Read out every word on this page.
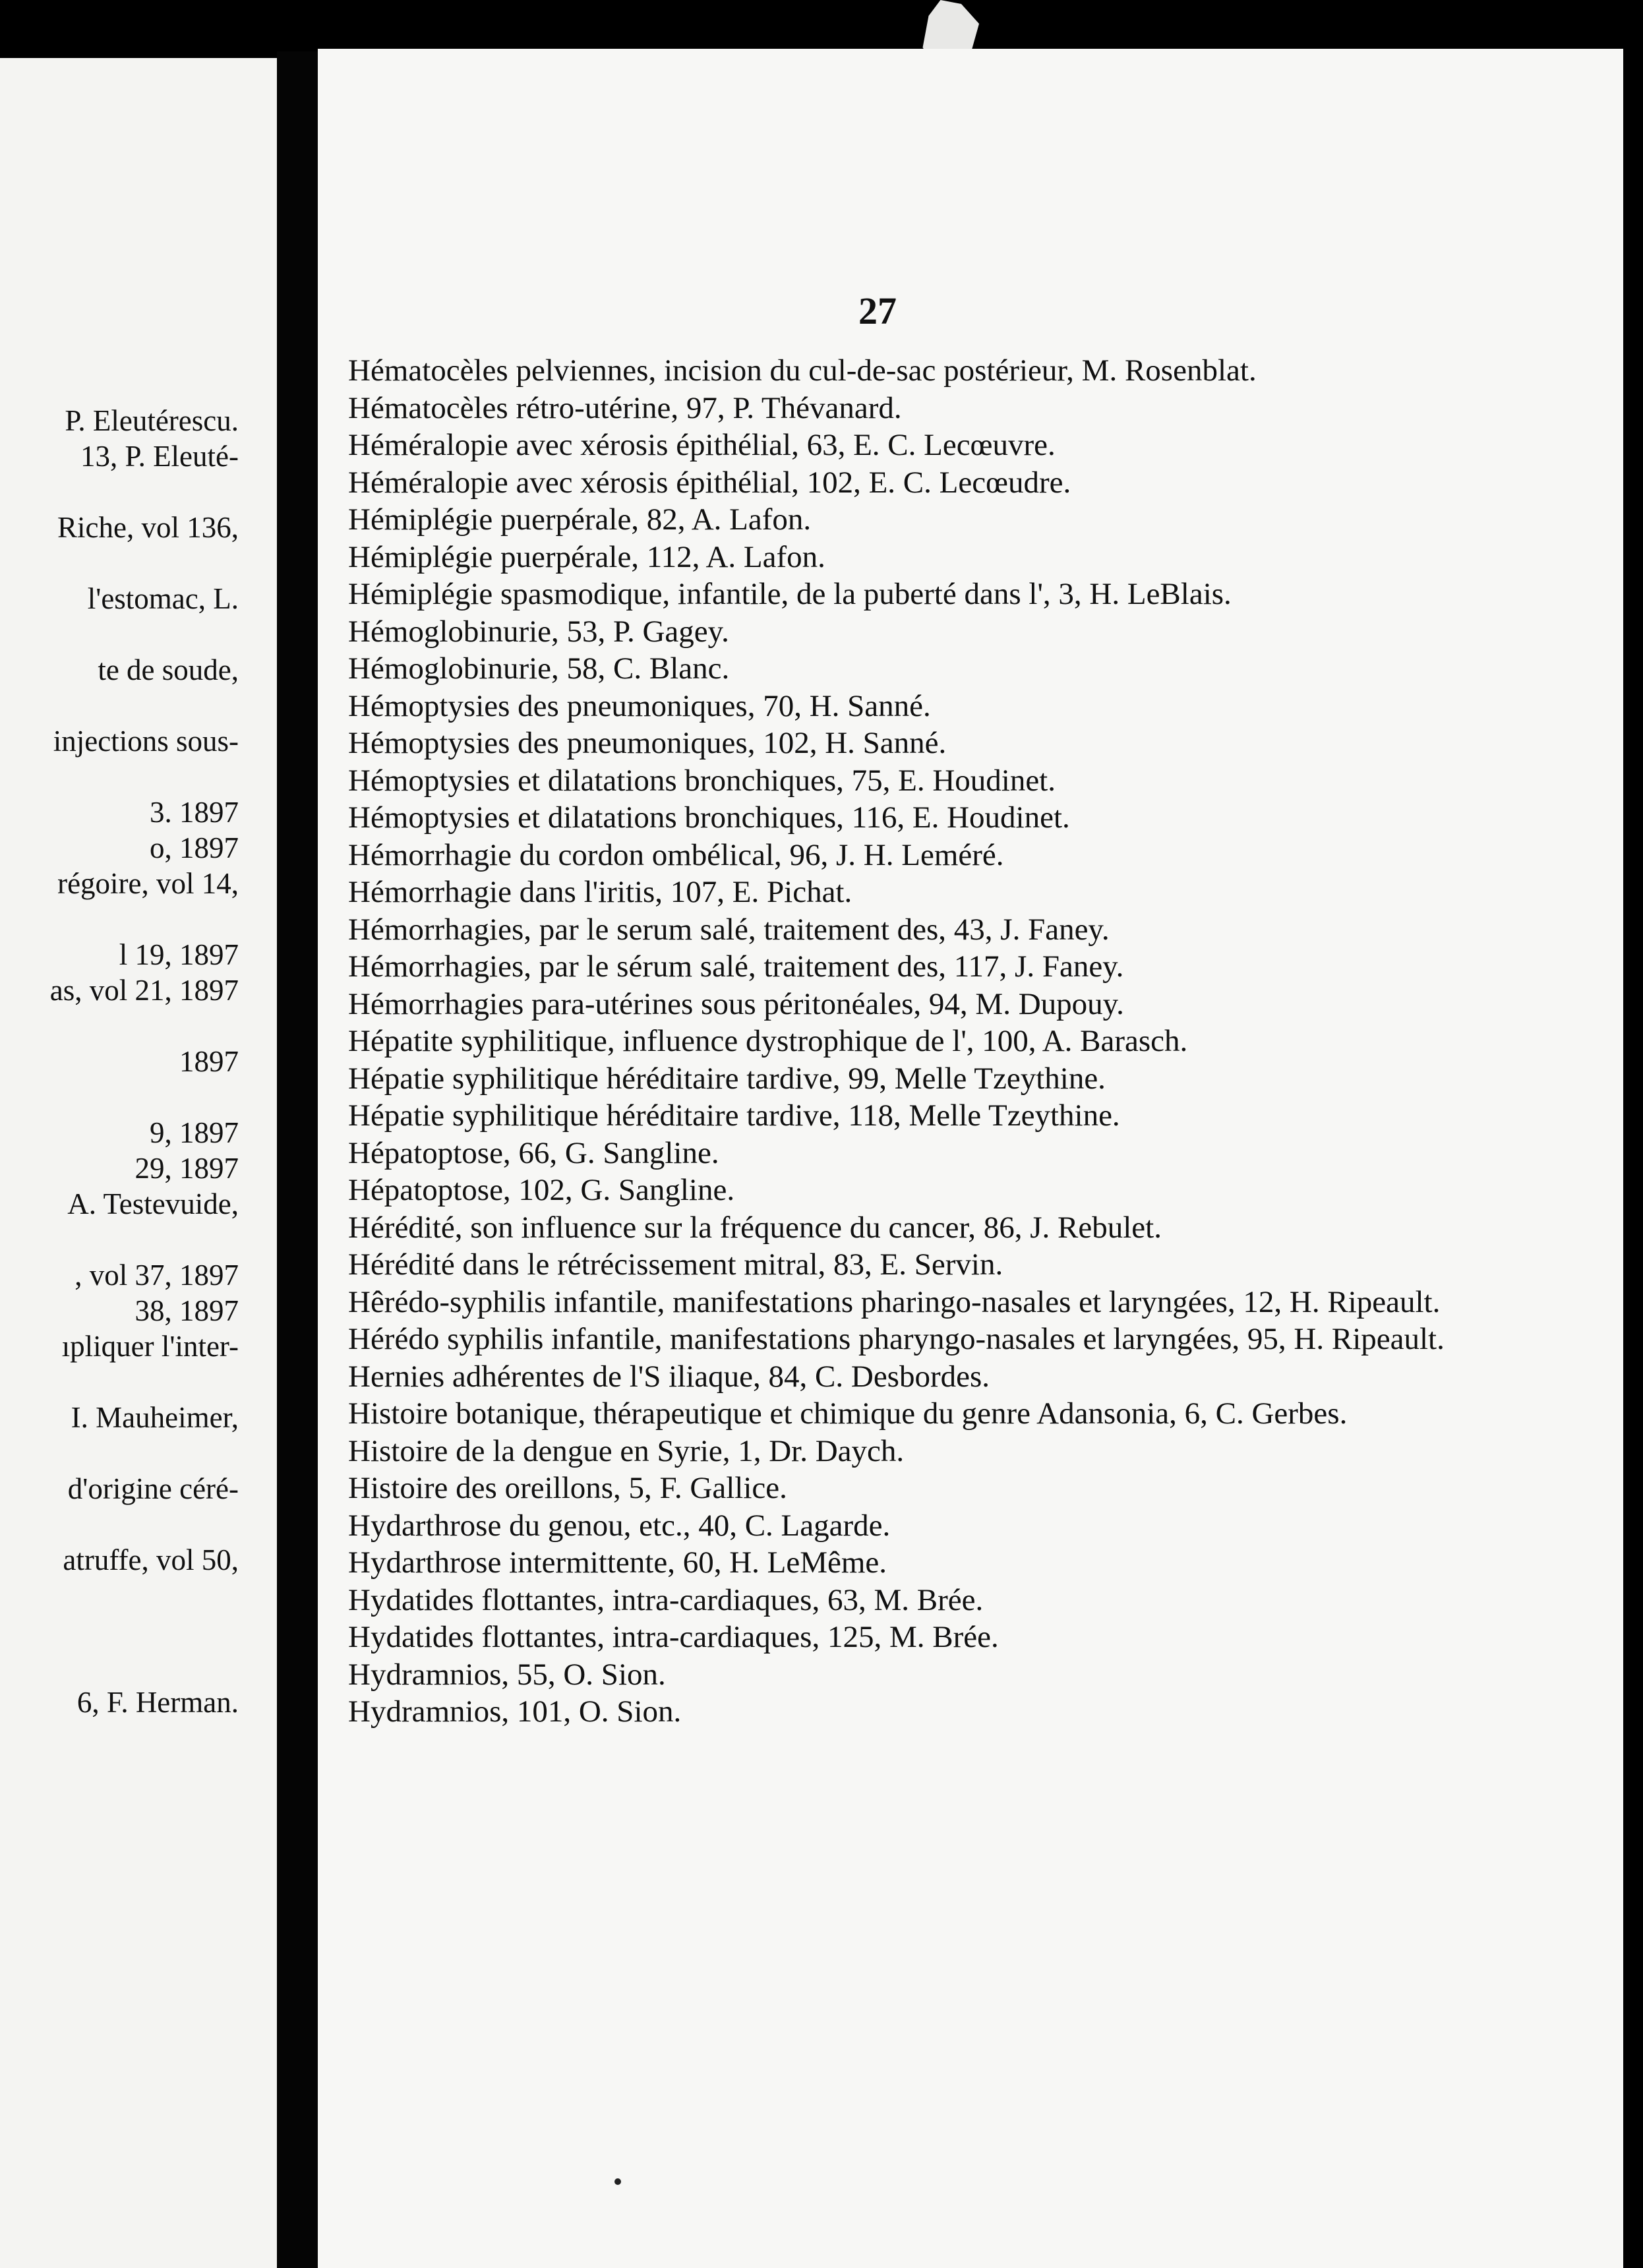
P. Eleutérescu.
13, P. Eleuté-
Riche, vol 136,
l'estomac, L.
te de soude,
injections sous-
3. 1897
o, 1897
régoire, vol 14,
l 19, 1897
as, vol 21, 1897
1897
9, 1897
29, 1897
A. Testevuide,
, vol 37, 1897
38, 1897
ıpliquer l'inter-
I. Mauheimer,
d'origine céré-
atruffe, vol 50,
6, F. Herman.
27

Hématocèles pelviennes, incision du cul-de-sac postérieur, M. Rosenblat.

Hématocèles rétro-utérine, 97, P. Thévanard.

Héméralopie avec xérosis épithélial, 63, E. C. Lecœuvre.

Héméralopie avec xérosis épithélial, 102, E. C. Lecœudre.

Hémiplégie puerpérale, 82, A. Lafon.

Hémiplégie puerpérale, 112, A. Lafon.

Hémiplégie spasmodique, infantile, de la puberté dans l', 3, H. LeBlais.

Hémoglobinurie, 53, P. Gagey.

Hémoglobinurie, 58, C. Blanc.

Hémoptysies des pneumoniques, 70, H. Sanné.

Hémoptysies des pneumoniques, 102, H. Sanné.

Hémoptysies et dilatations bronchiques, 75, E. Houdinet.

Hémoptysies et dilatations bronchiques, 116, E. Houdinet.

Hémorrhagie du cordon ombélical, 96, J. H. Leméré.

Hémorrhagie dans l'iritis, 107, E. Pichat.

Hémorrhagies, par le serum salé, traitement des, 43, J. Faney.

Hémorrhagies, par le sérum salé, traitement des, 117, J. Faney.

Hémorrhagies para-utérines sous péritonéales, 94, M. Dupouy.

Hépatite syphilitique, influence dystrophique de l', 100, A. Barasch.

Hépatie syphilitique héréditaire tardive, 99, Melle Tzeythine.

Hépatie syphilitique héréditaire tardive, 118, Melle Tzeythine.

Hépatoptose, 66, G. Sangline.

Hépatoptose, 102, G. Sangline.

Hérédité, son influence sur la fréquence du cancer, 86, J. Rebulet.

Hérédité dans le rétrécissement mitral, 83, E. Servin.

Hêrédo-syphilis infantile, manifestations pharingo-nasales et laryngées, 12, H. Ripeault.

Hérédo syphilis infantile, manifestations pharyngo-nasales et laryngées, 95, H. Ripeault.

Hernies adhérentes de l'S iliaque, 84, C. Desbordes.

Histoire botanique, thérapeutique et chimique du genre Adansonia, 6, C. Gerbes.

Histoire de la dengue en Syrie, 1, Dr. Daych.

Histoire des oreillons, 5, F. Gallice.

Hydarthrose du genou, etc., 40, C. Lagarde.

Hydarthrose intermittente, 60, H. LeMême.

Hydatides flottantes, intra-cardiaques, 63, M. Brée.

Hydatides flottantes, intra-cardiaques, 125, M. Brée.

Hydramnios, 55, O. Sion.

Hydramnios, 101, O. Sion.
